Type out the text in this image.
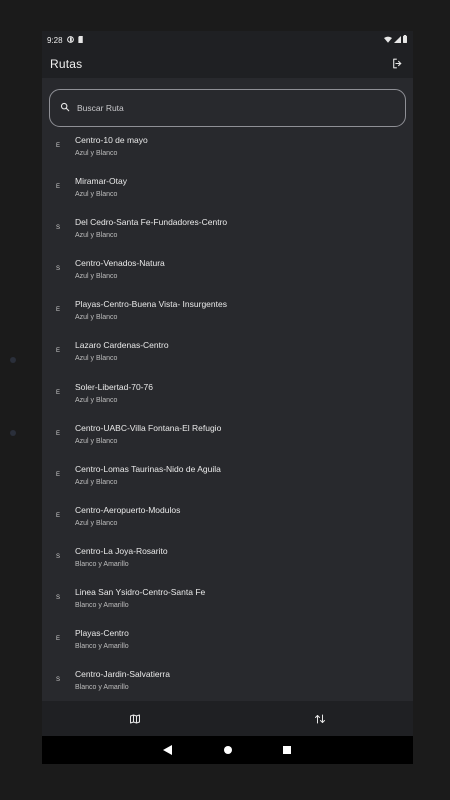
9:28
Rutas
Buscar Ruta
E
Centro-10 de mayo
Azul y Blanco
E
Miramar-Otay
Azul y Blanco
S
Del Cedro-Santa Fe-Fundadores-Centro
Azul y Blanco
S
Centro-Venados-Natura
Azul y Blanco
E
Playas-Centro-Buena Vista- Insurgentes
Azul y Blanco
E
Lazaro Cardenas-Centro
Azul y Blanco
E
Soler-Libertad-70-76
Azul y Blanco
E
Centro-UABC-Villa Fontana-El Refugio
Azul y Blanco
E
Centro-Lomas Taurinas-Nido de Aguila
Azul y Blanco
E
Centro-Aeropuerto-Modulos
Azul y Blanco
S
Centro-La Joya-Rosarito
Blanco y Amarillo
S
Linea San Ysidro-Centro-Santa Fe
Blanco y Amarillo
E
Playas-Centro
Blanco y Amarillo
S
Centro-Jardin-Salvatierra
Blanco y Amarillo
